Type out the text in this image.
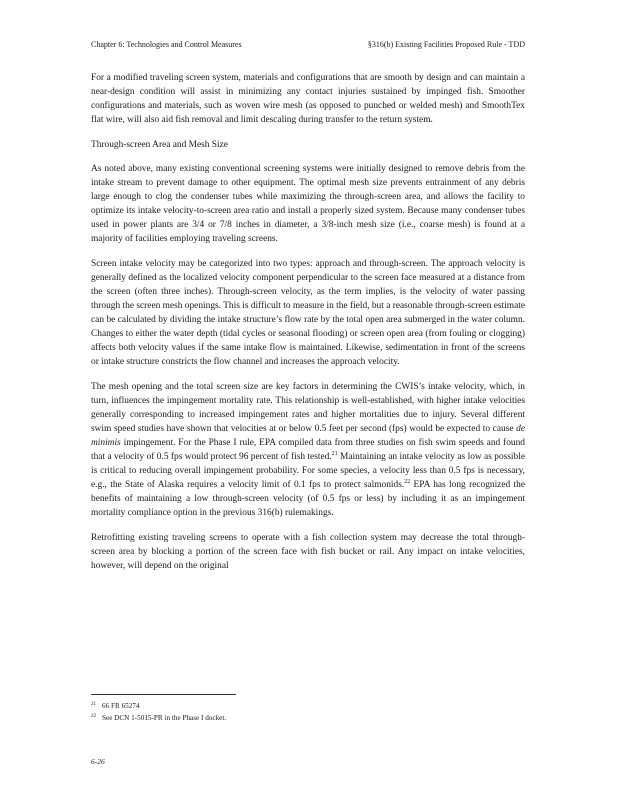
Chapter 6: Technologies and Control Measures	§316(b) Existing Facilities Proposed Rule - TDD

For a modified traveling screen system, materials and configurations that are smooth by design and can maintain a near-design condition will assist in minimizing any contact injuries sustained by impinged fish. Smoother configurations and materials, such as woven wire mesh (as opposed to punched or welded mesh) and SmoothTex flat wire, will also aid fish removal and limit descaling during transfer to the return system.

Through-screen Area and Mesh Size

As noted above, many existing conventional screening systems were initially designed to remove debris from the intake stream to prevent damage to other equipment. The optimal mesh size prevents entrainment of any debris large enough to clog the condenser tubes while maximizing the through-screen area, and allows the facility to optimize its intake velocity-to-screen area ratio and install a properly sized system. Because many condenser tubes used in power plants are 3/4 or 7/8 inches in diameter, a 3/8-inch mesh size (i.e., coarse mesh) is found at a majority of facilities employing traveling screens.

Screen intake velocity may be categorized into two types: approach and through-screen. The approach velocity is generally defined as the localized velocity component perpendicular to the screen face measured at a distance from the screen (often three inches). Through-screen velocity, as the term implies, is the velocity of water passing through the screen mesh openings. This is difficult to measure in the field, but a reasonable through-screen estimate can be calculated by dividing the intake structure’s flow rate by the total open area submerged in the water column. Changes to either the water depth (tidal cycles or seasonal flooding) or screen open area (from fouling or clogging) affects both velocity values if the same intake flow is maintained. Likewise, sedimentation in front of the screens or intake structure constricts the flow channel and increases the approach velocity.

The mesh opening and the total screen size are key factors in determining the CWIS’s intake velocity, which, in turn, influences the impingement mortality rate. This relationship is well-established, with higher intake velocities generally corresponding to increased impingement rates and higher mortalities due to injury. Several different swim speed studies have shown that velocities at or below 0.5 feet per second (fps) would be expected to cause de minimis impingement. For the Phase I rule, EPA compiled data from three studies on fish swim speeds and found that a velocity of 0.5 fps would protect 96 percent of fish tested.$^{21}$ Maintaining an intake velocity as low as possible is critical to reducing overall impingement probability. For some species, a velocity less than 0.5 fps is necessary, e.g., the State of Alaska requires a velocity limit of 0.1 fps to protect salmonids.$^{22}$ EPA has long recognized the benefits of maintaining a low through-screen velocity (of 0.5 fps or less) by including it as an impingement mortality compliance option in the previous 316(b) rulemakings.

Retrofitting existing traveling screens to operate with a fish collection system may decrease the total through-screen area by blocking a portion of the screen face with fish bucket or rail. Any impact on intake velocities, however, will depend on the original

$^{21}$ 66 FR 65274
$^{22}$ See DCN 1-5015-PR in the Phase I docket.
6-26
